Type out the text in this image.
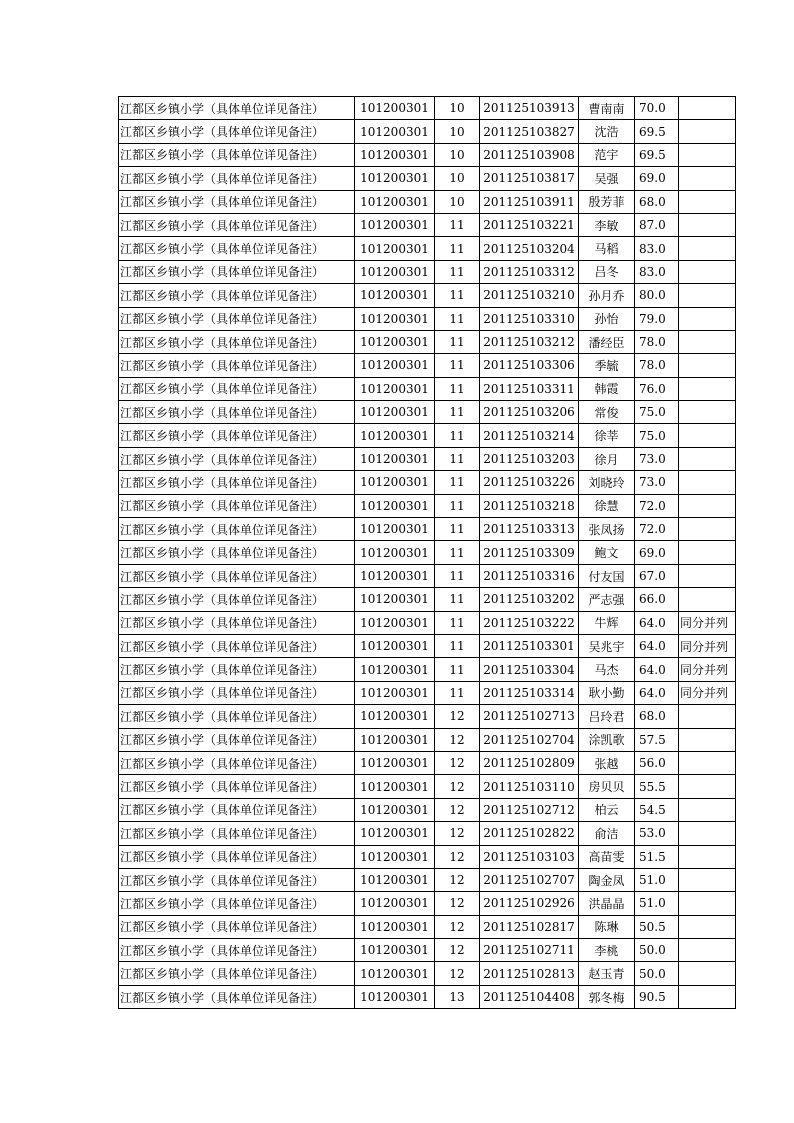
江都区乡镇小学（具体单位详见备注）	101200301	10	201125103913	曹南南	70.0	
江都区乡镇小学（具体单位详见备注）	101200301	10	201125103827	沈浩	69.5	
江都区乡镇小学（具体单位详见备注）	101200301	10	201125103908	范宇	69.5	
江都区乡镇小学（具体单位详见备注）	101200301	10	201125103817	吴强	69.0	
江都区乡镇小学（具体单位详见备注）	101200301	10	201125103911	殷芳菲	68.0	
江都区乡镇小学（具体单位详见备注）	101200301	11	201125103221	李敏	87.0	
江都区乡镇小学（具体单位详见备注）	101200301	11	201125103204	马稻	83.0	
江都区乡镇小学（具体单位详见备注）	101200301	11	201125103312	吕冬	83.0	
江都区乡镇小学（具体单位详见备注）	101200301	11	201125103210	孙月乔	80.0	
江都区乡镇小学（具体单位详见备注）	101200301	11	201125103310	孙怡	79.0	
江都区乡镇小学（具体单位详见备注）	101200301	11	201125103212	潘经臣	78.0	
江都区乡镇小学（具体单位详见备注）	101200301	11	201125103306	季毓	78.0	
江都区乡镇小学（具体单位详见备注）	101200301	11	201125103311	韩霞	76.0	
江都区乡镇小学（具体单位详见备注）	101200301	11	201125103206	常俊	75.0	
江都区乡镇小学（具体单位详见备注）	101200301	11	201125103214	徐莘	75.0	
江都区乡镇小学（具体单位详见备注）	101200301	11	201125103203	徐月	73.0	
江都区乡镇小学（具体单位详见备注）	101200301	11	201125103226	刘晓玲	73.0	
江都区乡镇小学（具体单位详见备注）	101200301	11	201125103218	徐慧	72.0	
江都区乡镇小学（具体单位详见备注）	101200301	11	201125103313	张凤扬	72.0	
江都区乡镇小学（具体单位详见备注）	101200301	11	201125103309	鲍文	69.0	
江都区乡镇小学（具体单位详见备注）	101200301	11	201125103316	付友国	67.0	
江都区乡镇小学（具体单位详见备注）	101200301	11	201125103202	严志强	66.0	
江都区乡镇小学（具体单位详见备注）	101200301	11	201125103222	牛辉	64.0	同分并列
江都区乡镇小学（具体单位详见备注）	101200301	11	201125103301	吴兆宇	64.0	同分并列
江都区乡镇小学（具体单位详见备注）	101200301	11	201125103304	马杰	64.0	同分并列
江都区乡镇小学（具体单位详见备注）	101200301	11	201125103314	耿小勤	64.0	同分并列
江都区乡镇小学（具体单位详见备注）	101200301	12	201125102713	吕玲君	68.0	
江都区乡镇小学（具体单位详见备注）	101200301	12	201125102704	涂凯歌	57.5	
江都区乡镇小学（具体单位详见备注）	101200301	12	201125102809	张越	56.0	
江都区乡镇小学（具体单位详见备注）	101200301	12	201125103110	房贝贝	55.5	
江都区乡镇小学（具体单位详见备注）	101200301	12	201125102712	柏云	54.5	
江都区乡镇小学（具体单位详见备注）	101200301	12	201125102822	俞洁	53.0	
江都区乡镇小学（具体单位详见备注）	101200301	12	201125103103	高苗雯	51.5	
江都区乡镇小学（具体单位详见备注）	101200301	12	201125102707	陶金凤	51.0	
江都区乡镇小学（具体单位详见备注）	101200301	12	201125102926	洪晶晶	51.0	
江都区乡镇小学（具体单位详见备注）	101200301	12	201125102817	陈琳	50.5	
江都区乡镇小学（具体单位详见备注）	101200301	12	201125102711	李桃	50.0	
江都区乡镇小学（具体单位详见备注）	101200301	12	201125102813	赵玉青	50.0	
江都区乡镇小学（具体单位详见备注）	101200301	13	201125104408	郭冬梅	90.5	
